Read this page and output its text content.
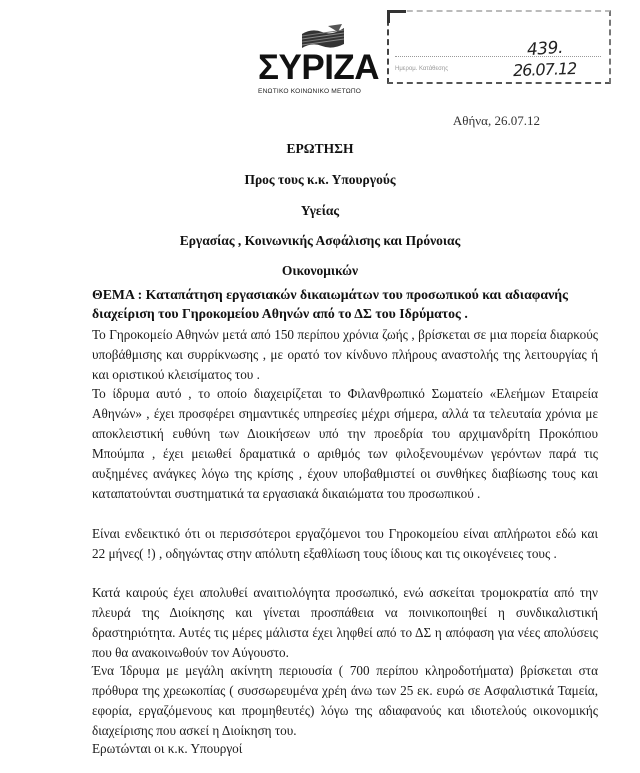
ΣΥΡΙΖΑ
ΕΝΩΤΙΚΟ ΚΟΙΝΩΝΙΚΟ ΜΕΤΩΠΟ
Ημερομ. Κατάθεσης
439.
26.07.12
Αθήνα, 26.07.12
ΕΡΩΤΗΣΗ
Προς τους κ.κ. Υπουργούς
Υγείας
Εργασίας , Κοινωνικής Ασφάλισης και Πρόνοιας
Οικονομικών
ΘΕΜΑ : Καταπάτηση εργασιακών δικαιωμάτων του προσωπικού και αδιαφανής διαχείριση του Γηροκομείου Αθηνών από το ΔΣ του Ιδρύματος .
Το Γηροκομείο Αθηνών μετά από 150 περίπου χρόνια ζωής , βρίσκεται σε μια πορεία διαρκούς υποβάθμισης και συρρίκνωσης , με ορατό τον κίνδυνο πλήρους αναστολής της λειτουργίας ή και οριστικού κλεισίματος του .
Το ίδρυμα αυτό , το οποίο διαχειρίζεται το Φιλανθρωπικό Σωματείο «Ελεήμων Εταιρεία Αθηνών» , έχει προσφέρει σημαντικές υπηρεσίες μέχρι σήμερα, αλλά τα τελευταία χρόνια με αποκλειστική ευθύνη των Διοικήσεων υπό την προεδρία του αρχιμανδρίτη Προκόπιου Μπούμπα , έχει μειωθεί δραματικά ο αριθμός των φιλοξενουμένων γερόντων παρά τις αυξημένες ανάγκες λόγω της κρίσης , έχουν υποβαθμιστεί οι συνθήκες διαβίωσης τους και καταπατούνται συστηματικά τα εργασιακά δικαιώματα του προσωπικού .
Είναι ενδεικτικό ότι οι περισσότεροι εργαζόμενοι του Γηροκομείου είναι απλήρωτοι εδώ και 22 μήνες( !) , οδηγώντας στην απόλυτη εξαθλίωση τους ίδιους και τις οικογένειες τους .
Κατά καιρούς έχει απολυθεί αναιτιολόγητα προσωπικό, ενώ ασκείται τρομοκρατία από την πλευρά της Διοίκησης και γίνεται προσπάθεια να ποινικοποιηθεί η συνδικαλιστική δραστηριότητα. Αυτές τις μέρες μάλιστα έχει ληφθεί από το ΔΣ η απόφαση για νέες απολύσεις που θα ανακοινωθούν τον Αύγουστο.
Ένα Ίδρυμα με μεγάλη ακίνητη περιουσία ( 700 περίπου κληροδοτήματα) βρίσκεται στα πρόθυρα της χρεωκοπίας ( συσσωρευμένα χρέη άνω των 25 εκ. ευρώ σε Ασφαλιστικά Ταμεία, εφορία, εργαζόμενους και προμηθευτές) λόγω της αδιαφανούς και ιδιοτελούς οικονομικής διαχείρισης που ασκεί η Διοίκηση του.
Ερωτώνται οι κ.κ. Υπουργοί
